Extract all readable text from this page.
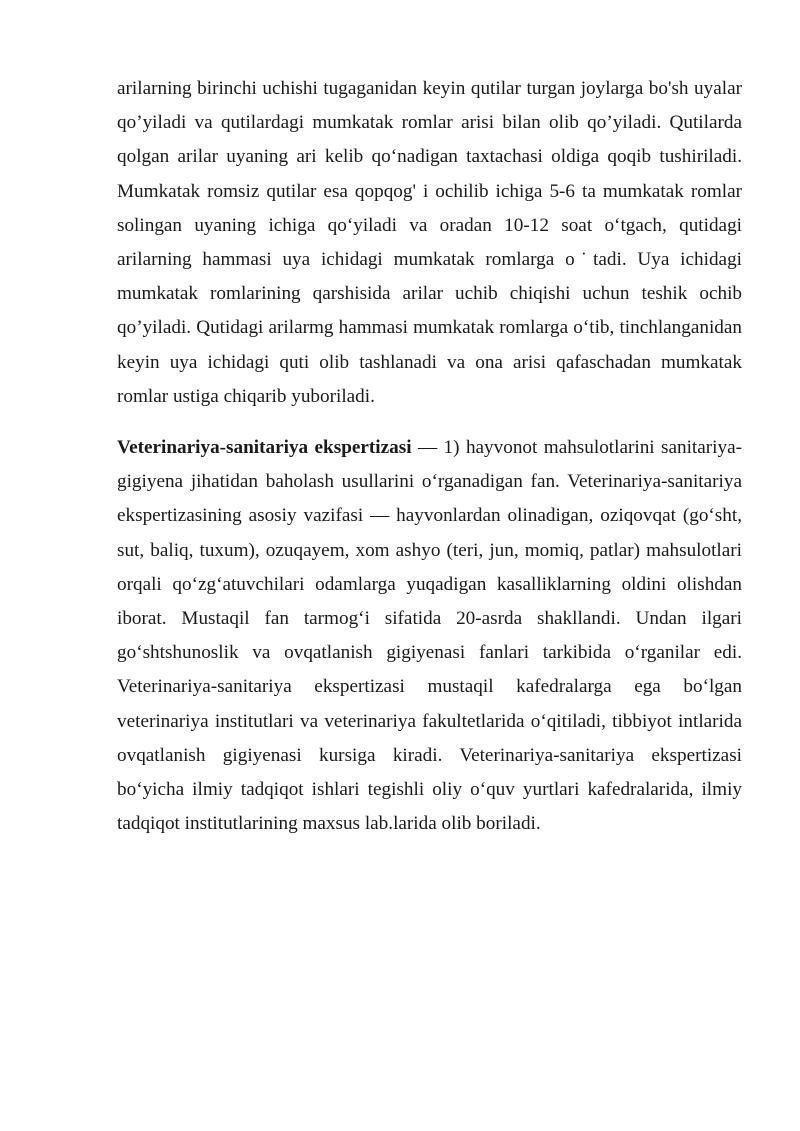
arilarning birinchi uchishi tugaganidan keyin qutilar turgan joylarga bo'sh uyalar qo’yiladi va qutilardagi mumkatak romlar arisi bilan olib qo’yiladi. Qutilarda qolgan arilar uyaning ari kelib qo‘nadigan taxtachasi oldiga qoqib tushiriladi. Mumkatak romsiz qutilar esa qopqog' i ochilib ichiga 5-6 ta mumkatak romlar solingan uyaning ichiga qo‘yiladi va oradan 10-12 soat o‘tgach, qutidagi arilarning hammasi uya ichidagi mumkatak romlarga o˙tadi. Uya ichidagi mumkatak romlarining qarshisida arilar uchib chiqishi uchun teshik ochib qo’yiladi. Qutidagi arilarmg hammasi mumkatak romlarga o‘tib, tinchlanganidan keyin uya ichidagi quti olib tashlanadi va ona arisi qafaschadan mumkatak romlar ustiga chiqarib yuboriladi.

Veterinariya-sanitariya ekspertizasi — 1) hayvonot mahsulotlarini sanitariya-gigiyena jihatidan baholash usullarini o‘rganadigan fan. Veterinariya-sanitariya ekspertizasining asosiy vazifasi — hayvonlardan olinadigan, oziqovqat (go‘sht, sut, baliq, tuxum), ozuqayem, xom ashyo (teri, jun, momiq, patlar) mahsulotlari orqali qo‘zg‘atuvchilari odamlarga yuqadigan kasalliklarning oldini olishdan iborat. Mustaqil fan tarmog‘i sifatida 20-asrda shakllandi. Undan ilgari go‘shtshunoslik va ovqatlanish gigiyenasi fanlari tarkibida o‘rganilar edi. Veterinariya-sanitariya ekspertizasi mustaqil kafedralarga ega bo‘lgan veterinariya institutlari va veterinariya fakultetlarida o‘qitiladi, tibbiyot intlarida ovqatlanish gigiyenasi kursiga kiradi. Veterinariya-sanitariya ekspertizasi bo‘yicha ilmiy tadqiqot ishlari tegishli oliy o‘quv yurtlari kafedralarida, ilmiy tadqiqot institutlarining maxsus lab.larida olib boriladi.
